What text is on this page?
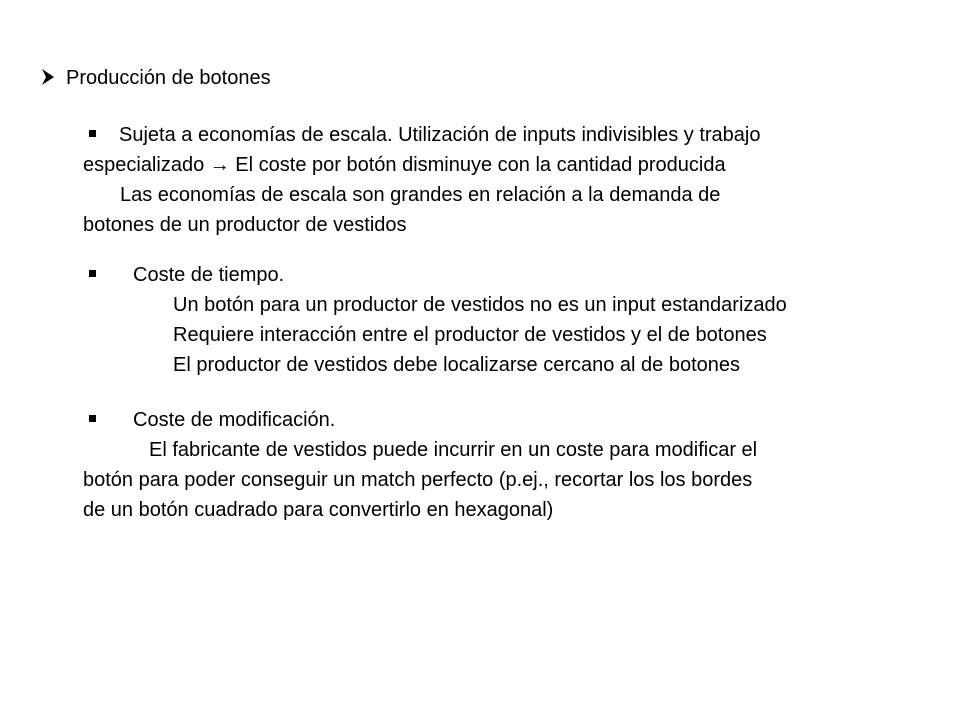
Producción de botones
Sujeta a economías de escala. Utilización de inputs indivisibles y trabajo
especializado → El coste por botón disminuye con la cantidad producida
Las economías de escala son grandes en relación a la demanda de
botones de un productor de vestidos
Coste de tiempo.
Un botón para un productor de vestidos no es un input estandarizado
Requiere interacción entre el productor de vestidos y el de botones
El productor de vestidos debe localizarse cercano al de botones
Coste de modificación.
El fabricante de vestidos puede incurrir en un coste para modificar el
botón para poder conseguir un match perfecto (p.ej., recortar los los bordes
de un botón cuadrado para convertirlo en hexagonal)
